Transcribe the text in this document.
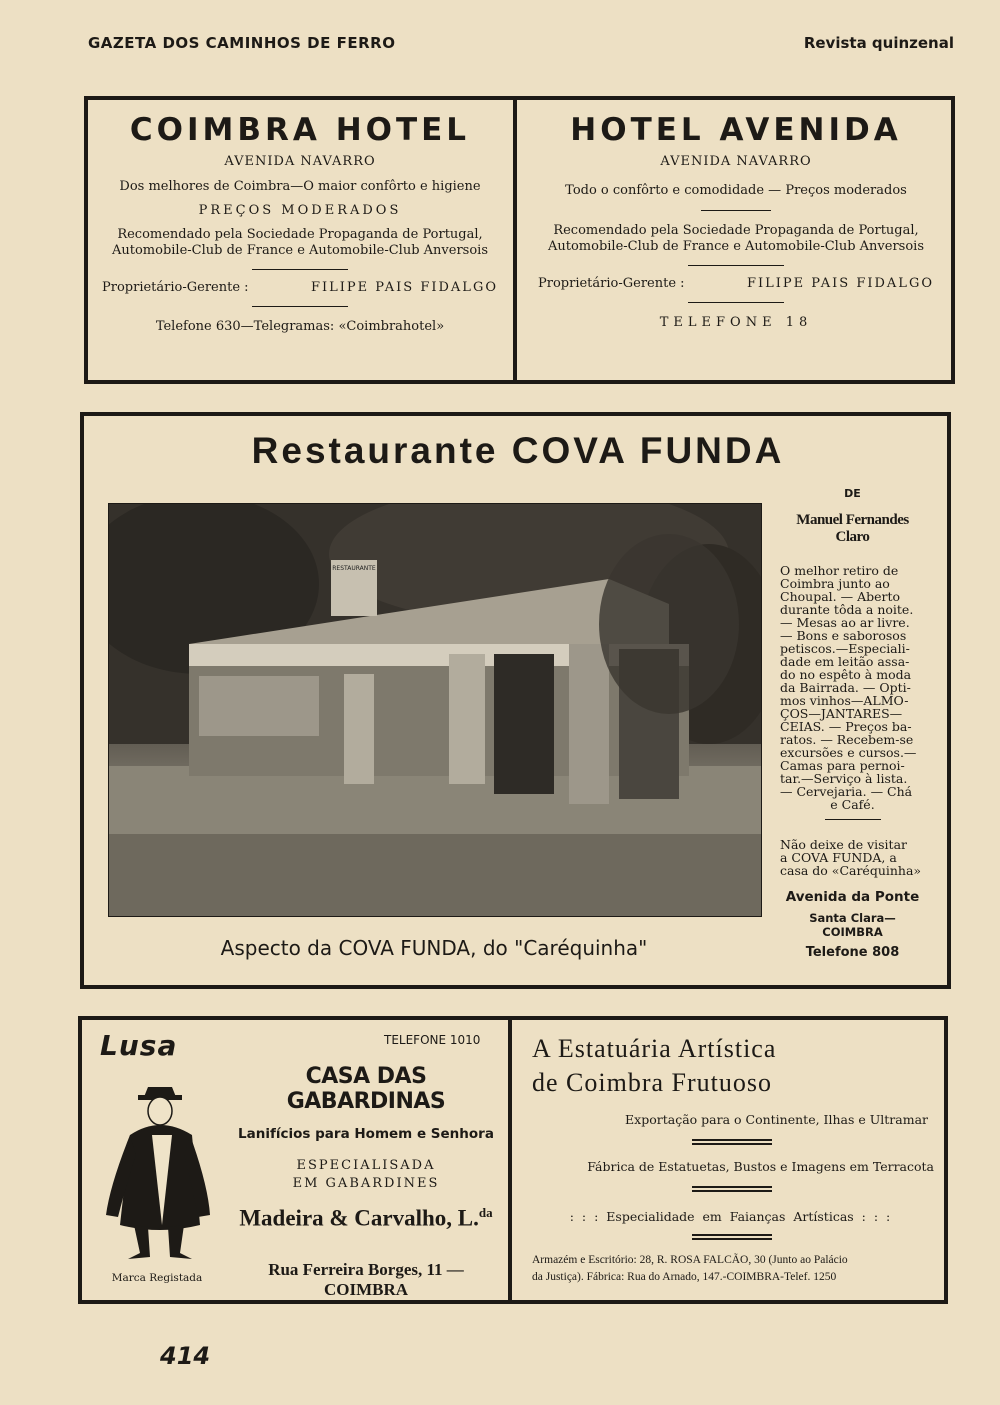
GAZETA DOS CAMINHOS DE FERRO	Revista quinzenal
COIMBRA HOTEL
AVENIDA NAVARRO
Dos melhores de Coimbra—O maior confôrto e higiene
PREÇOS MODERADOS
Recomendado pela Sociedade Propaganda de Portugal,
Automobile-Club de France e Automobile-Club Anversois
Proprietário-Gerente :	FILIPE PAIS FIDALGO
Telefone 630—Telegramas: «Coimbrahotel»
HOTEL AVENIDA
AVENIDA NAVARRO
Todo o confôrto e comodidade — Preços moderados
Recomendado pela Sociedade Propaganda de Portugal,
Automobile-Club de France e Automobile-Club Anversois
Proprietário-Gerente :	FILIPE PAIS FIDALGO
TELEFONE 18
Restaurante COVA FUNDA
RESTAURANTE
Aspecto da COVA FUNDA, do "Caréquinha"
DE
Manuel Fernandes Claro
O melhor retiro de
Coimbra junto ao
Choupal. — Aberto
durante tôda a noite.
— Mesas ao ar livre.
— Bons e saborosos
petiscos.—Especiali-
dade em leitão assa-
do no espêto à moda
da Bairrada. — Opti-
mos vinhos—ALMO-
ÇOS—JANTARES—
CEIAS. — Preços ba-
ratos. — Recebem-se
excursões e cursos.—
Camas para pernoi-
tar.—Serviço à lista.
— Cervejaria. — Chá
e Café.
Não deixe de visitar
a COVA FUNDA, a
casa do «Caréquinha»
Avenida da Ponte
Santa Clara—COIMBRA
Telefone 808
Lusa	TELEFONE 1010
CASA DAS GABARDINAS
Lanifícios para Homem e Senhora
ESPECIALISADA
EM GABARDINES
Madeira & Carvalho, L.$^{da}$
Rua Ferreira Borges, 11 — COIMBRA
Marca Registada
A Estatuária Artística
de Coimbra Frutuoso
Exportação para o Continente, Ilhas e Ultramar
Fábrica de Estatuetas, Bustos e Imagens em Terracota
: : : Especialidade em Faianças Artísticas : : :
Armazém e Escritório: 28, R. ROSA FALCÃO, 30 (Junto ao Palácio
da Justiça). Fábrica: Rua do Arnado, 147.-COIMBRA-Telef. 1250
414
